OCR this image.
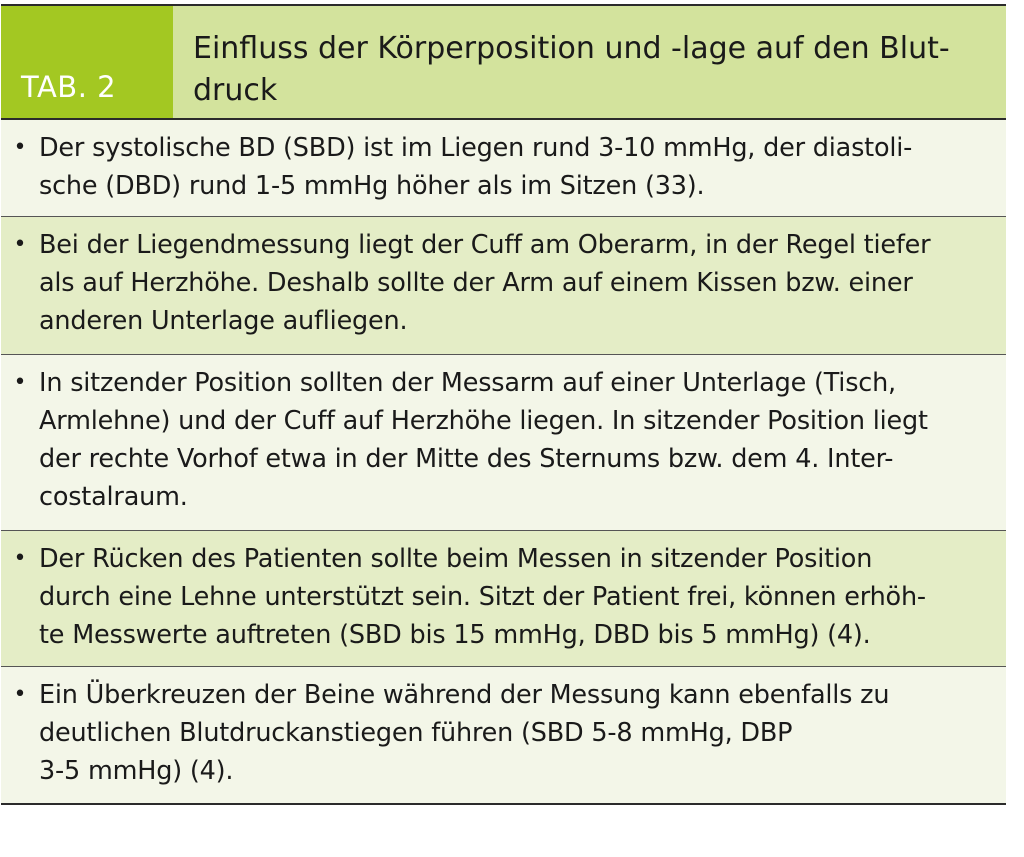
TAB. 2
Einfluss der Körperposition und -lage auf den Blut-
druck
• Der systolische BD (SBD) ist im Liegen rund 3-10 mmHg, der diastoli-
sche (DBD) rund 1-5 mmHg höher als im Sitzen (33).
• Bei der Liegendmessung liegt der Cuff am Oberarm, in der Regel tiefer
als auf Herzhöhe. Deshalb sollte der Arm auf einem Kissen bzw. einer
anderen Unterlage aufliegen.
• In sitzender Position sollten der Messarm auf einer Unterlage (Tisch,
Armlehne) und der Cuff auf Herzhöhe liegen. In sitzender Position liegt
der rechte Vorhof etwa in der Mitte des Sternums bzw. dem 4. Inter-
costalraum.
• Der Rücken des Patienten sollte beim Messen in sitzender Position
durch eine Lehne unterstützt sein. Sitzt der Patient frei, können erhöh-
te Messwerte auftreten (SBD bis 15 mmHg, DBD bis 5 mmHg) (4).
• Ein Überkreuzen der Beine während der Messung kann ebenfalls zu
deutlichen Blutdruckanstiegen führen (SBD 5-8 mmHg, DBP
3-5 mmHg) (4).
